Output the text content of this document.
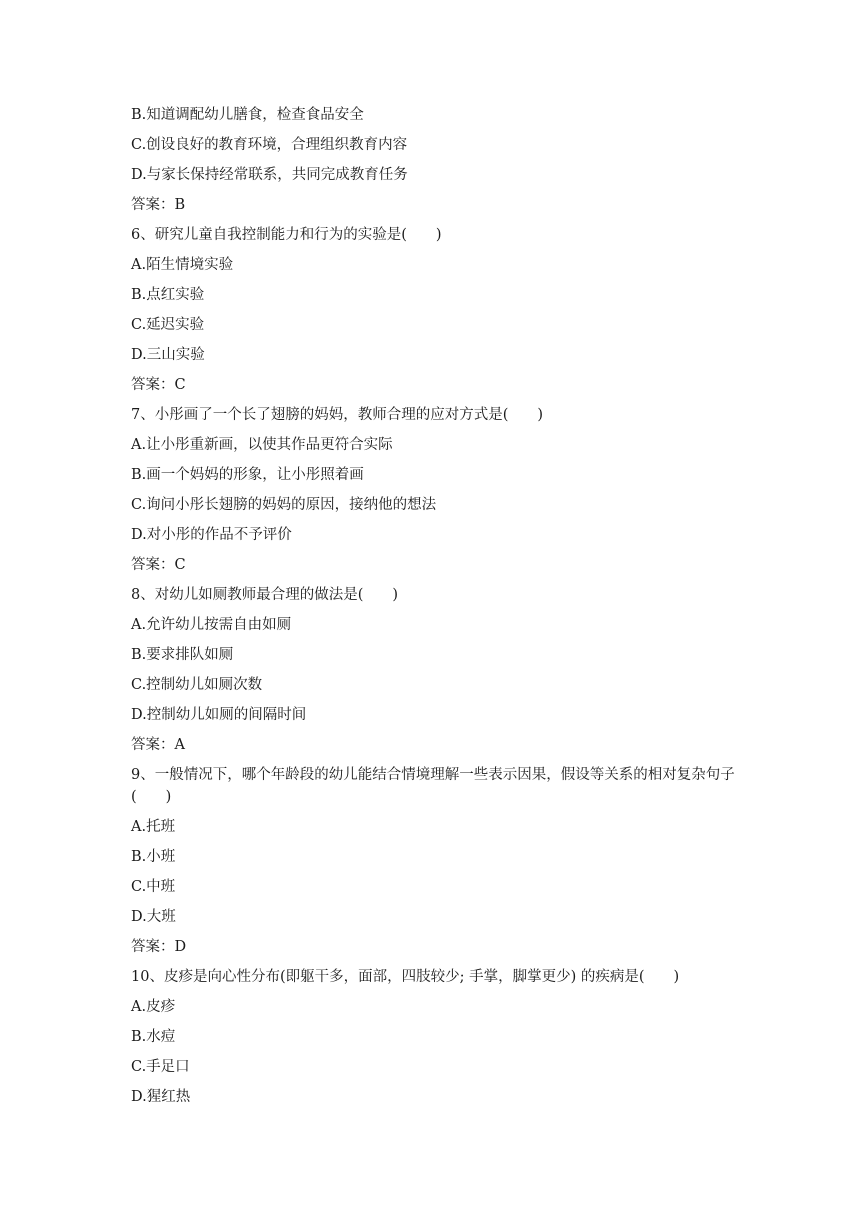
B.知道调配幼儿膳食，检查食品安全
C.创设良好的教育环境，合理组织教育内容
D.与家长保持经常联系，共同完成教育任务
答案：B
6、研究儿童自我控制能力和行为的实验是(　　)
A.陌生情境实验
B.点红实验
C.延迟实验
D.三山实验
答案：C
7、小彤画了一个长了翅膀的妈妈，教师合理的应对方式是(　　)
A.让小彤重新画，以使其作品更符合实际
B.画一个妈妈的形象，让小彤照着画
C.询问小彤长翅膀的妈妈的原因，接纳他的想法
D.对小彤的作品不予评价
答案：C
8、对幼儿如厕教师最合理的做法是(　　)
A.允许幼儿按需自由如厕
B.要求排队如厕
C.控制幼儿如厕次数
D.控制幼儿如厕的间隔时间
答案：A
9、一般情况下，哪个年龄段的幼儿能结合情境理解一些表示因果，假设等关系的相对复杂句子(　　)
A.托班
B.小班
C.中班
D.大班
答案：D
10、皮疹是向心性分布(即躯干多，面部，四肢较少; 手掌，脚掌更少) 的疾病是(　　)
A.皮疹
B.水痘
C.手足口
D.猩红热
